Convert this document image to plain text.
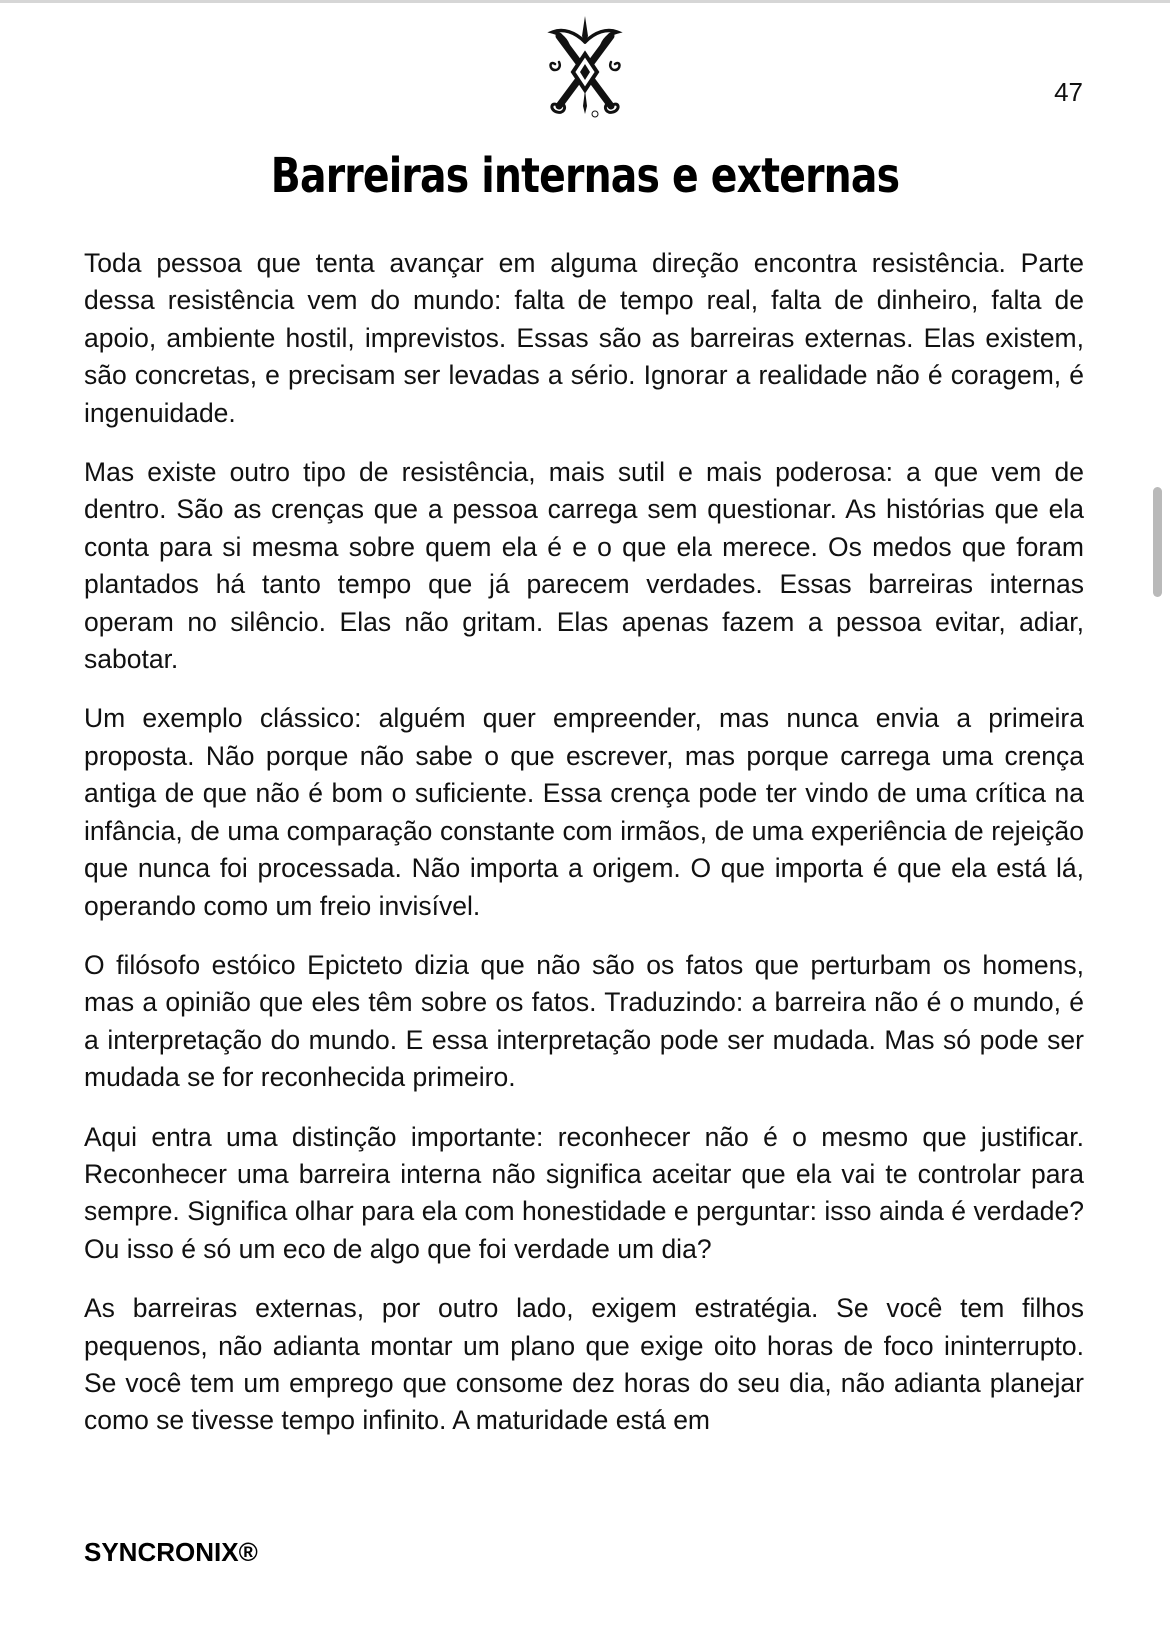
47
Barreiras internas e externas

Toda pessoa que tenta avançar em alguma direção encontra resistência. Parte dessa resistência vem do mundo: falta de tempo real, falta de dinheiro, falta de apoio, ambiente hostil, imprevistos. Essas são as barreiras externas. Elas existem, são concretas, e precisam ser levadas a sério. Ignorar a realidade não é coragem, é ingenuidade.

Mas existe outro tipo de resistência, mais sutil e mais poderosa: a que vem de dentro. São as crenças que a pessoa carrega sem questionar. As histórias que ela conta para si mesma sobre quem ela é e o que ela merece. Os medos que foram plantados há tanto tempo que já parecem verdades. Essas barreiras internas operam no silêncio. Elas não gritam. Elas apenas fazem a pessoa evitar, adiar, sabotar.

Um exemplo clássico: alguém quer empreender, mas nunca envia a primeira proposta. Não porque não sabe o que escrever, mas porque carrega uma crença antiga de que não é bom o suficiente. Essa crença pode ter vindo de uma crítica na infância, de uma comparação constante com irmãos, de uma experiência de rejeição que nunca foi processada. Não importa a origem. O que importa é que ela está lá, operando como um freio invisível.

O filósofo estóico Epicteto dizia que não são os fatos que perturbam os homens, mas a opinião que eles têm sobre os fatos. Traduzindo: a barreira não é o mundo, é a interpretação do mundo. E essa interpretação pode ser mudada. Mas só pode ser mudada se for reconhecida primeiro.

Aqui entra uma distinção importante: reconhecer não é o mesmo que justificar. Reconhecer uma barreira interna não significa aceitar que ela vai te controlar para sempre. Significa olhar para ela com honestidade e perguntar: isso ainda é verdade? Ou isso é só um eco de algo que foi verdade um dia?

As barreiras externas, por outro lado, exigem estratégia. Se você tem filhos pequenos, não adianta montar um plano que exige oito horas de foco ininterrupto. Se você tem um emprego que consome dez horas do seu dia, não adianta planejar como se tivesse tempo infinito. A maturidade está em

SYNCRONIX®
